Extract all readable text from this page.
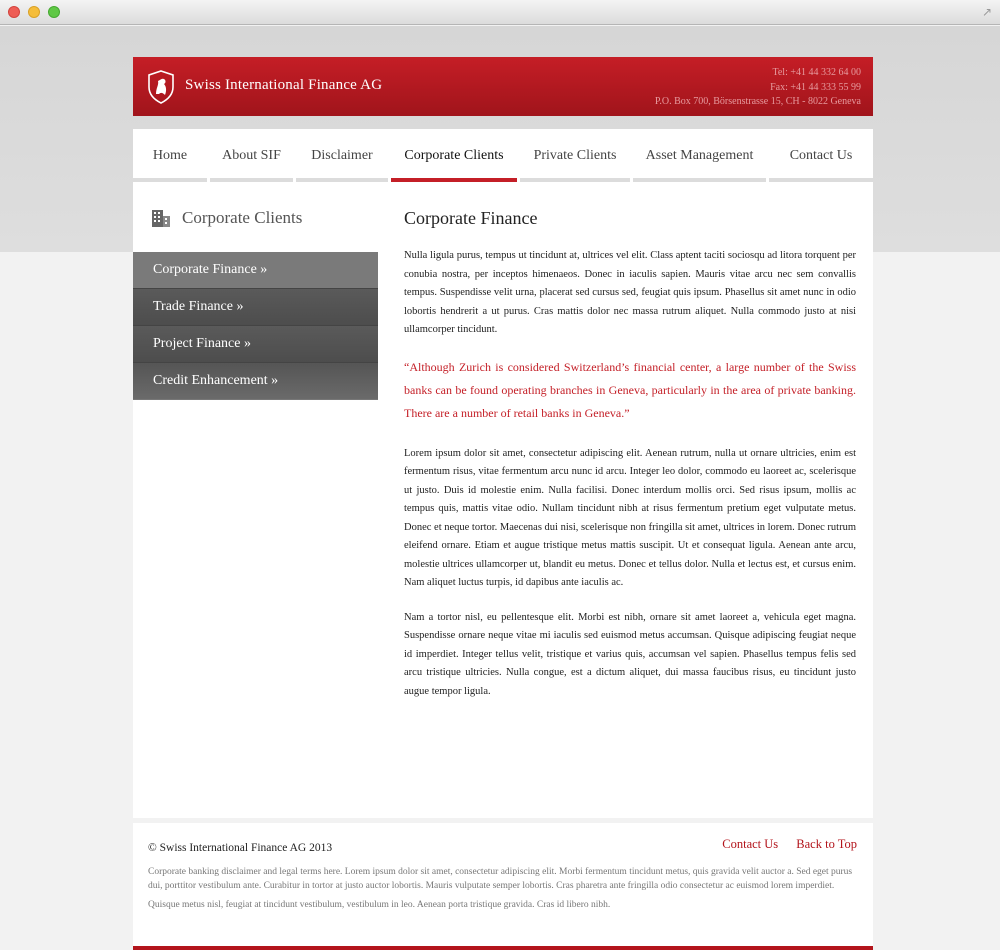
↗
Swiss International Finance AG
Tel: +41 44 332 64 00
Fax: +41 44 333 55 99
P.O. Box 700, Börsenstrasse 15, CH - 8022 Geneva
Home	About SIF	Disclaimer	Corporate Clients	Private Clients	Asset Management	Contact Us
Corporate Clients
Corporate Finance »
Trade Finance »
Project Finance »
Credit Enhancement »
Corporate Finance

Nulla ligula purus, tempus ut tincidunt at, ultrices vel elit. Class aptent taciti sociosqu ad litora torquent per conubia nostra, per inceptos himenaeos. Donec in iaculis sapien. Mauris vitae arcu nec sem convallis tempus. Suspendisse velit urna, placerat sed cursus sed, feugiat quis ipsum. Phasellus sit amet nunc in odio lobortis hendrerit a ut purus. Cras mattis dolor nec massa rutrum aliquet. Nulla commodo justo at nisi ullamcorper tincidunt.

“Although Zurich is considered Switzerland’s financial center, a large number of the Swiss banks can be found operating branches in Geneva, particularly in the area of private banking. There are a number of retail banks in Geneva.”

Lorem ipsum dolor sit amet, consectetur adipiscing elit. Aenean rutrum, nulla ut ornare ultricies, enim est fermentum risus, vitae fermentum arcu nunc id arcu. Integer leo dolor, commodo eu laoreet ac, scelerisque ut justo. Duis id molestie enim. Nulla facilisi. Donec interdum mollis orci. Sed risus ipsum, mollis ac tempus quis, mattis vitae odio. Nullam tincidunt nibh at risus fermentum pretium eget vulputate metus. Donec et neque tortor. Maecenas dui nisi, scelerisque non fringilla sit amet, ultrices in lorem. Donec rutrum eleifend ornare. Etiam et augue tristique metus mattis suscipit. Ut et consequat ligula. Aenean ante arcu, molestie ultrices ullamcorper ut, blandit eu metus. Donec et tellus dolor. Nulla et lectus est, et cursus enim. Nam aliquet luctus turpis, id dapibus ante iaculis ac.

Nam a tortor nisl, eu pellentesque elit. Morbi est nibh, ornare sit amet laoreet a, vehicula eget magna. Suspendisse ornare neque vitae mi iaculis sed euismod metus accumsan. Quisque adipiscing feugiat neque id imperdiet. Integer tellus velit, tristique et varius quis, accumsan vel sapien. Phasellus tempus felis sed arcu tristique ultricies. Nulla congue, est a dictum aliquet, dui massa faucibus risus, eu tincidunt justo augue tempor ligula.

© Swiss International Finance AG 2013	Contact Us Back to Top

Corporate banking disclaimer and legal terms here. Lorem ipsum dolor sit amet, consectetur adipiscing elit. Morbi fermentum tincidunt metus, quis gravida velit auctor a. Sed eget purus dui, porttitor vestibulum ante. Curabitur in tortor at justo auctor lobortis. Mauris vulputate semper lobortis. Cras pharetra ante fringilla odio consectetur ac euismod lorem imperdiet.

Quisque metus nisl, feugiat at tincidunt vestibulum, vestibulum in leo. Aenean porta tristique gravida. Cras id libero nibh.
